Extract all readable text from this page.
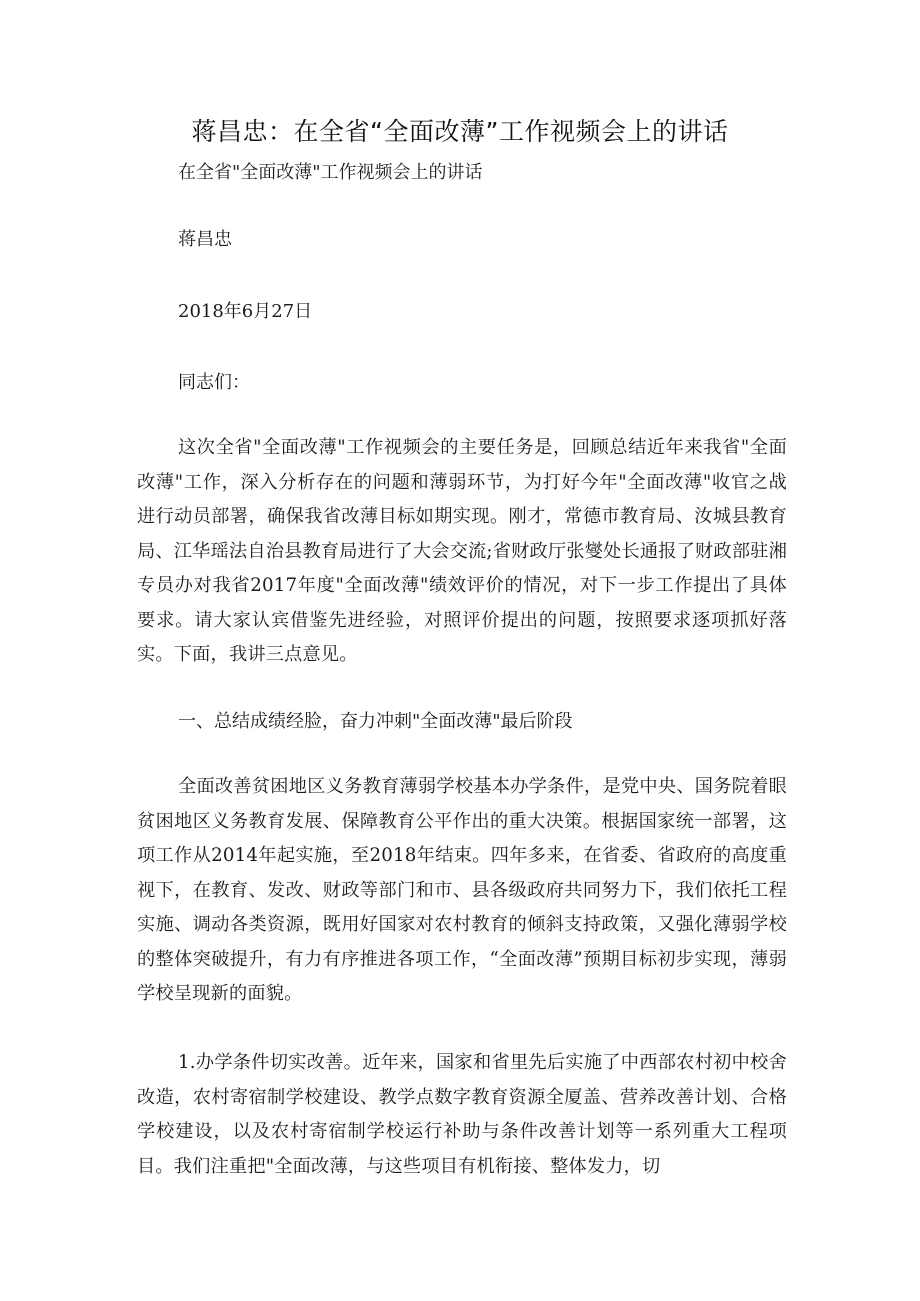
蒋昌忠：在全省“全面改薄”工作视频会上的讲话
在全省"全面改薄"工作视频会上的讲话
蒋昌忠
2018年6月27日
同志们：

这次全省"全面改薄"工作视频会的主要任务是，回顾总结近年来我省"全面改薄"工作，深入分析存在的问题和薄弱环节，为打好今年"全面改薄"收官之战进行动员部署，确保我省改薄目标如期实现。刚才，常德市教育局、汝城县教育局、江华瑶法自治县教育局进行了大会交流;省财政厅张燮处长通报了财政部驻湘专员办对我省2017年度"全面改薄"绩效评价的情况，对下一步工作提出了具体要求。请大家认宾借鉴先进经验，对照评价提出的问题，按照要求逐项抓好落实。下面，我讲三点意见。

一、总结成绩经脸，奋力冲刺"全面改薄"最后阶段

全面改善贫困地区义务教育薄弱学校基本办学条件，是党中央、国务院着眼贫困地区义务教育发展、保障教育公平作出的重大决策。根据国家统一部署，这项工作从2014年起实施，至2018年结束。四年多来，在省委、省政府的高度重视下，在教育、发改、财政等部门和市、县各级政府共同努力下，我们依托工程实施、调动各类资源，既用好国家对农村教育的倾斜支持政策，又强化薄弱学校的整体突破提升，有力有序推进各项工作，“全面改薄”预期目标初步实现，薄弱学校呈现新的面貌。

1.办学条件切实改善。近年来，国家和省里先后实施了中西部农村初中校舍改造，农村寄宿制学校建设、教学点数字教育资源全厦盖、营养改善计划、合格学校建设，以及农村寄宿制学校运行补助与条件改善计划等一系列重大工程项目。我们注重把"全面改薄，与这些项目有机衔接、整体发力，切
